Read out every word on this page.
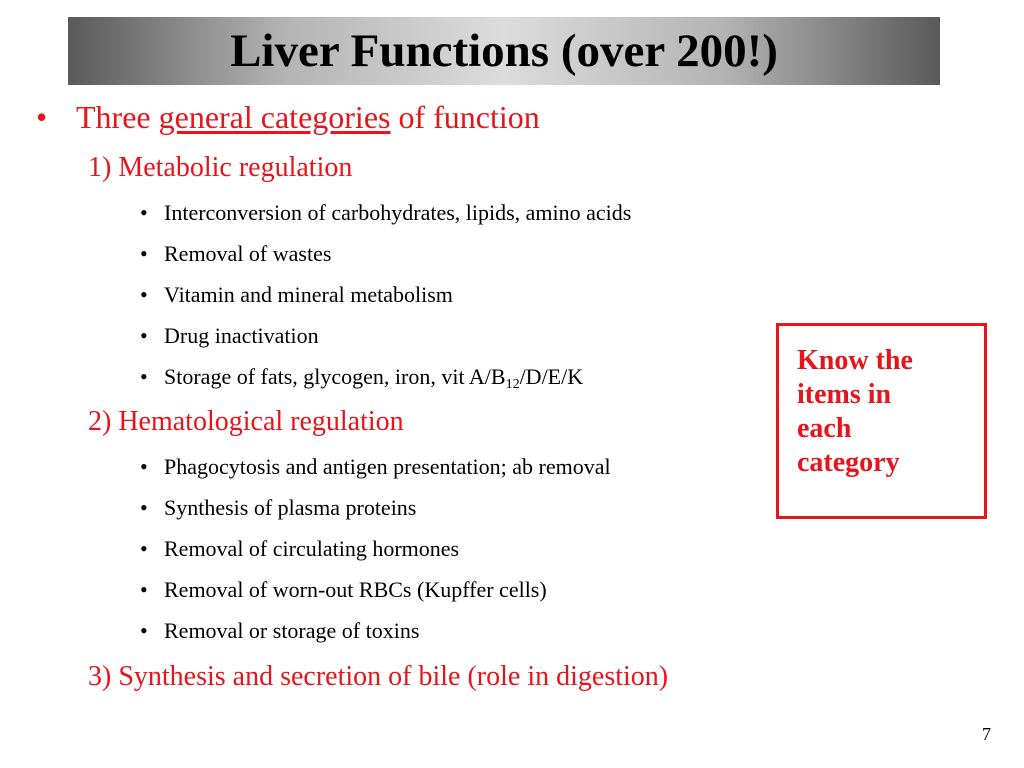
Liver Functions (over 200!)
• Three general categories of function
1) Metabolic regulation
• Interconversion of carbohydrates, lipids, amino acids
• Removal of wastes
• Vitamin and mineral metabolism
• Drug inactivation
• Storage of fats, glycogen, iron, vit $A/B_{12}/D/E/K$
2) Hematological regulation
• Phagocytosis and antigen presentation; ab removal
• Synthesis of plasma proteins
• Removal of circulating hormones
• Removal of worn-out RBCs (Kupffer cells)
• Removal or storage of toxins
3) Synthesis and secretion of bile (role in digestion)
Know the
items in
each
category
7
